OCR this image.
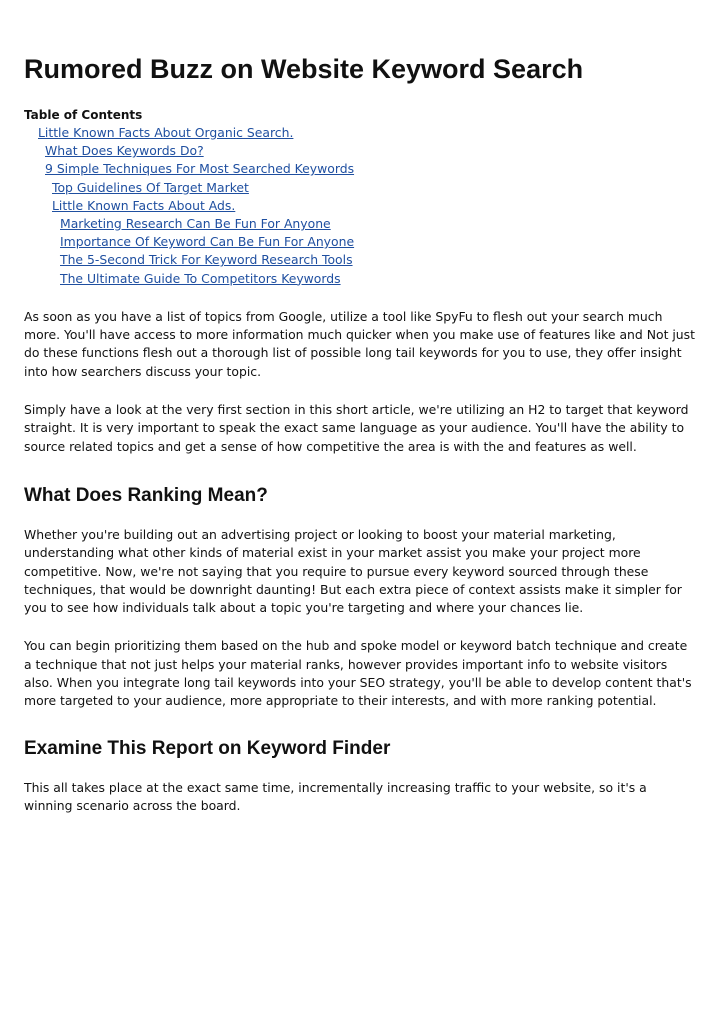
Rumored Buzz on Website Keyword Search
Table of Contents
Little Known Facts About Organic Search.
What Does Keywords Do?
9 Simple Techniques For Most Searched Keywords
Top Guidelines Of Target Market
Little Known Facts About Ads.
Marketing Research Can Be Fun For Anyone
Importance Of Keyword Can Be Fun For Anyone
The 5-Second Trick For Keyword Research Tools
The Ultimate Guide To Competitors Keywords

As soon as you have a list of topics from Google, utilize a tool like SpyFu to flesh out your search much more. You'll have access to more information much quicker when you make use of features like and Not just do these functions flesh out a thorough list of possible long tail keywords for you to use, they offer insight into how searchers discuss your topic.

Simply have a look at the very first section in this short article, we're utilizing an H2 to target that keyword straight. It is very important to speak the exact same language as your audience. You'll have the ability to source related topics and get a sense of how competitive the area is with the and features as well.

What Does Ranking Mean?

Whether you're building out an advertising project or looking to boost your material marketing, understanding what other kinds of material exist in your market assist you make your project more competitive. Now, we're not saying that you require to pursue every keyword sourced through these techniques, that would be downright daunting! But each extra piece of context assists make it simpler for you to see how individuals talk about a topic you're targeting and where your chances lie.

You can begin prioritizing them based on the hub and spoke model or keyword batch technique and create a technique that not just helps your material ranks, however provides important info to website visitors also. When you integrate long tail keywords into your SEO strategy, you'll be able to develop content that's more targeted to your audience, more appropriate to their interests, and with more ranking potential.

Examine This Report on Keyword Finder

This all takes place at the exact same time, incrementally increasing traffic to your website, so it's a winning scenario across the board.
